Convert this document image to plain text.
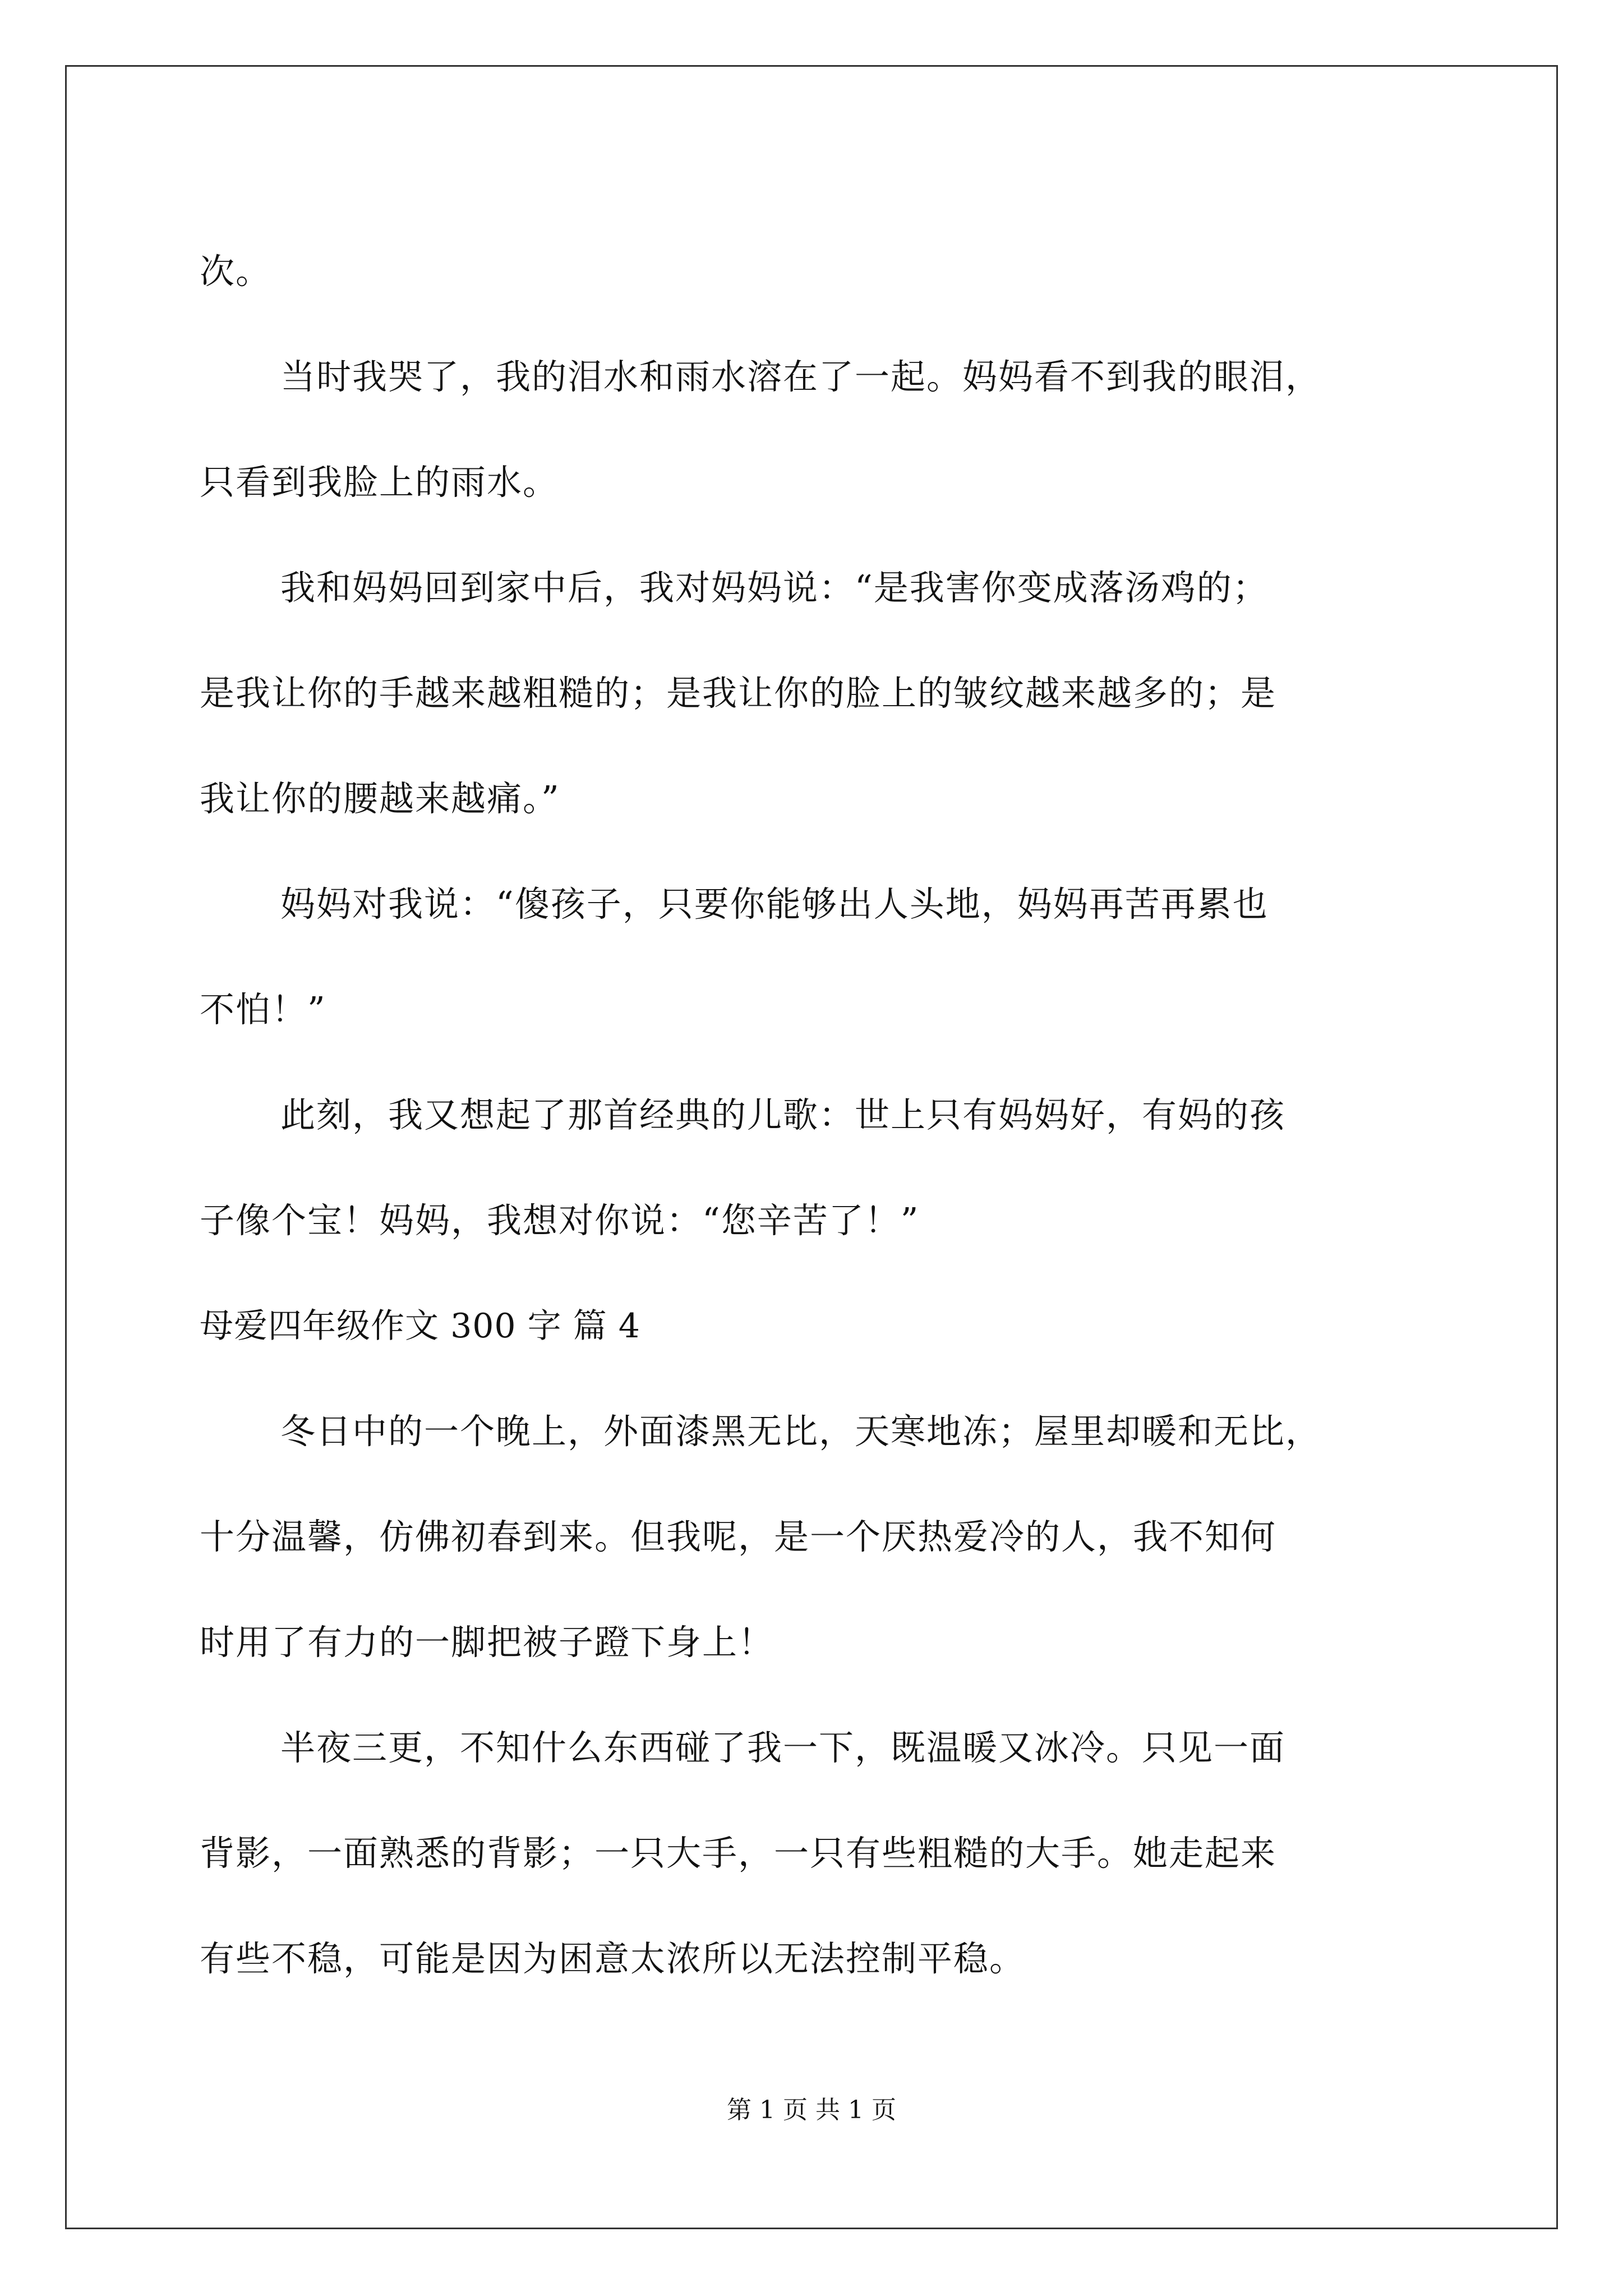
次。

当时我哭了，我的泪水和雨水溶在了一起。妈妈看不到我的眼泪，
只看到我脸上的雨水。

我和妈妈回到家中后，我对妈妈说：“是我害你变成落汤鸡的；
是我让你的手越来越粗糙的；是我让你的脸上的皱纹越来越多的；是
我让你的腰越来越痛。”

妈妈对我说：“傻孩子，只要你能够出人头地，妈妈再苦再累也
不怕！”

此刻，我又想起了那首经典的儿歌：世上只有妈妈好，有妈的孩
子像个宝！妈妈，我想对你说：“您辛苦了！”

母爱四年级作文 300 字 篇 4

冬日中的一个晚上，外面漆黑无比，天寒地冻；屋里却暖和无比，
十分温馨，仿佛初春到来。但我呢，是一个厌热爱冷的人，我不知何
时用了有力的一脚把被子蹬下身上！

半夜三更，不知什么东西碰了我一下，既温暖又冰冷。只见一面
背影，一面熟悉的背影；一只大手，一只有些粗糙的大手。她走起来
有些不稳，可能是因为困意太浓所以无法控制平稳。

第 1 页 共 1 页
